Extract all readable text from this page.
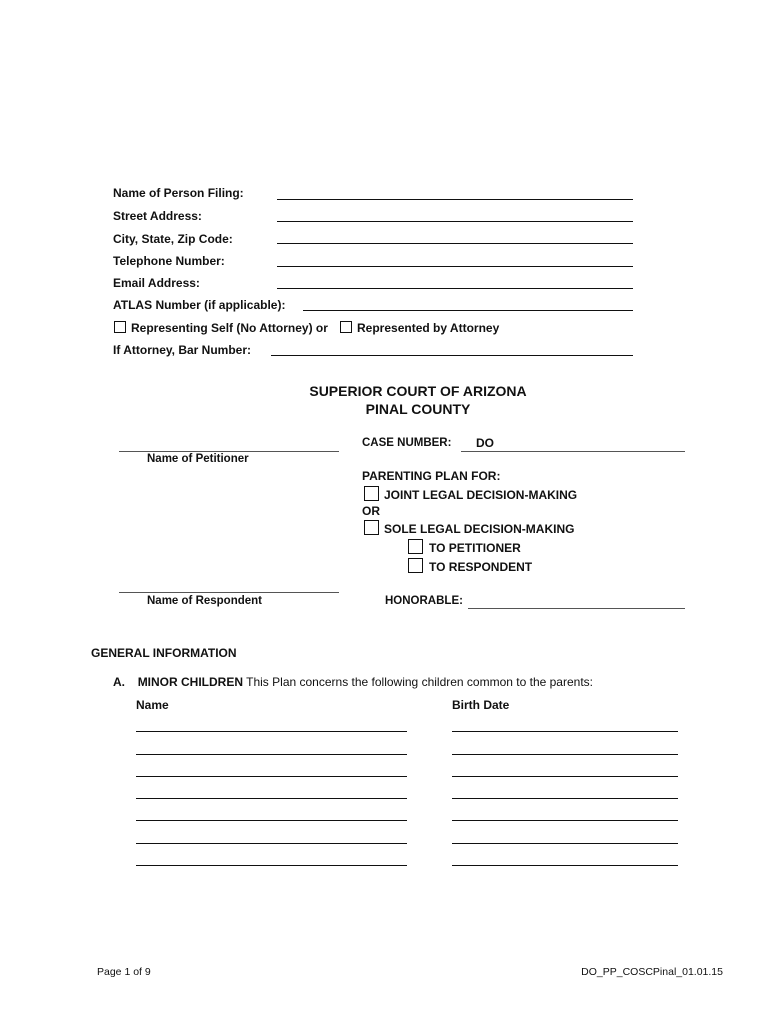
Name of Person Filing:
Street Address:
City, State, Zip Code:
Telephone Number:
Email Address:
ATLAS Number (if applicable):
Representing Self (No Attorney) or Represented by Attorney
If Attorney, Bar Number:
SUPERIOR COURT OF ARIZONA
PINAL COUNTY
Name of Petitioner
Name of Respondent
CASE NUMBER: DO
PARENTING PLAN FOR:
JOINT LEGAL DECISION-MAKING
OR
SOLE LEGAL DECISION-MAKING
TO PETITIONER
TO RESPONDENT
HONORABLE:
GENERAL INFORMATION
A. MINOR CHILDREN This Plan concerns the following children common to the parents:
Name	Birth Date
Page 1 of 9	DO_PP_COSCPinal_01.01.15
